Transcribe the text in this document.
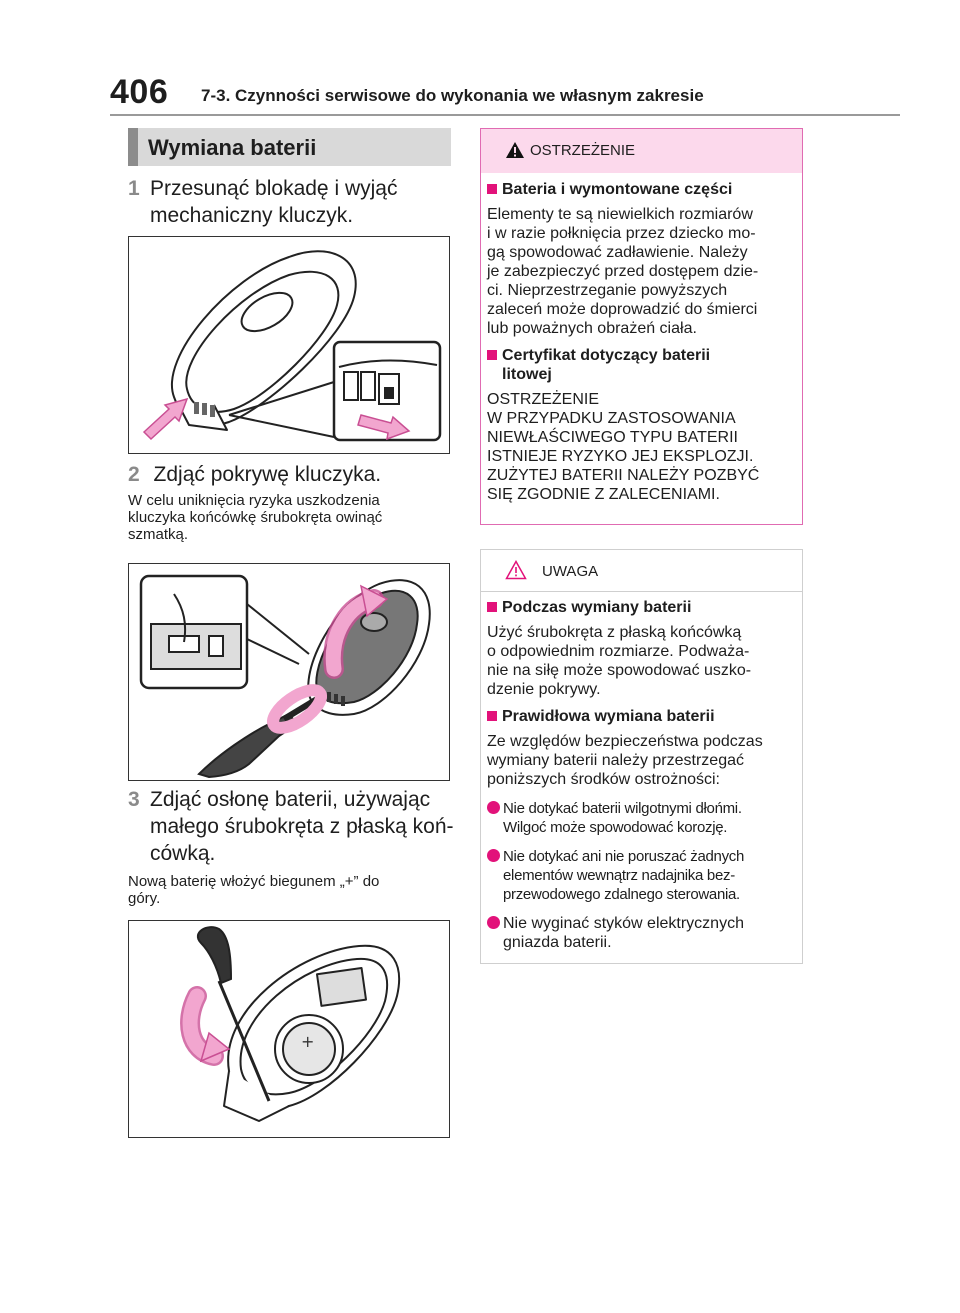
406 7-3. Czynności serwisowe do wykonania we własnym zakresie
Wymiana baterii
1 Przesunąć blokadę i wyjąć
mechaniczny kluczyk.
2 Zdjąć pokrywę kluczyka.
W celu uniknięcia ryzyka uszkodzenia
kluczyka końcówkę śrubokręta owinąć
szmatką.
3 Zdjąć osłonę baterii, używając
małego śrubokręta z płaską koń-
cówką.
Nową baterię włożyć biegunem „+” do
góry.
+
OSTRZEŻENIE
Bateria i wymontowane części
Elementy te są niewielkich rozmiarów
i w razie połknięcia przez dziecko mo-
gą spowodować zadławienie. Należy
je zabezpieczyć przed dostępem dzie-
ci. Nieprzestrzeganie powyższych
zaleceń może doprowadzić do śmierci
lub poważnych obrażeń ciała.
Certyfikat dotyczący baterii
litowej
OSTRZEŻENIE
W PRZYPADKU ZASTOSOWANIA
NIEWŁAŚCIWEGO TYPU BATERII
ISTNIEJE RYZYKO JEJ EKSPLOZJI.
ZUŻYTEJ BATERII NALEŻY POZBYĆ
SIĘ ZGODNIE Z ZALECENIAMI.
UWAGA
Podczas wymiany baterii
Użyć śrubokręta z płaską końcówką
o odpowiednim rozmiarze. Podważa-
nie na siłę może spowodować uszko-
dzenie pokrywy.
Prawidłowa wymiana baterii
Ze względów bezpieczeństwa podczas
wymiany baterii należy przestrzegać
poniższych środków ostrożności:
Nie dotykać baterii wilgotnymi dłońmi.
Wilgoć może spowodować korozję.
Nie dotykać ani nie poruszać żadnych
elementów wewnątrz nadajnika bez-
przewodowego zdalnego sterowania.
Nie wyginać styków elektrycznych
gniazda baterii.
